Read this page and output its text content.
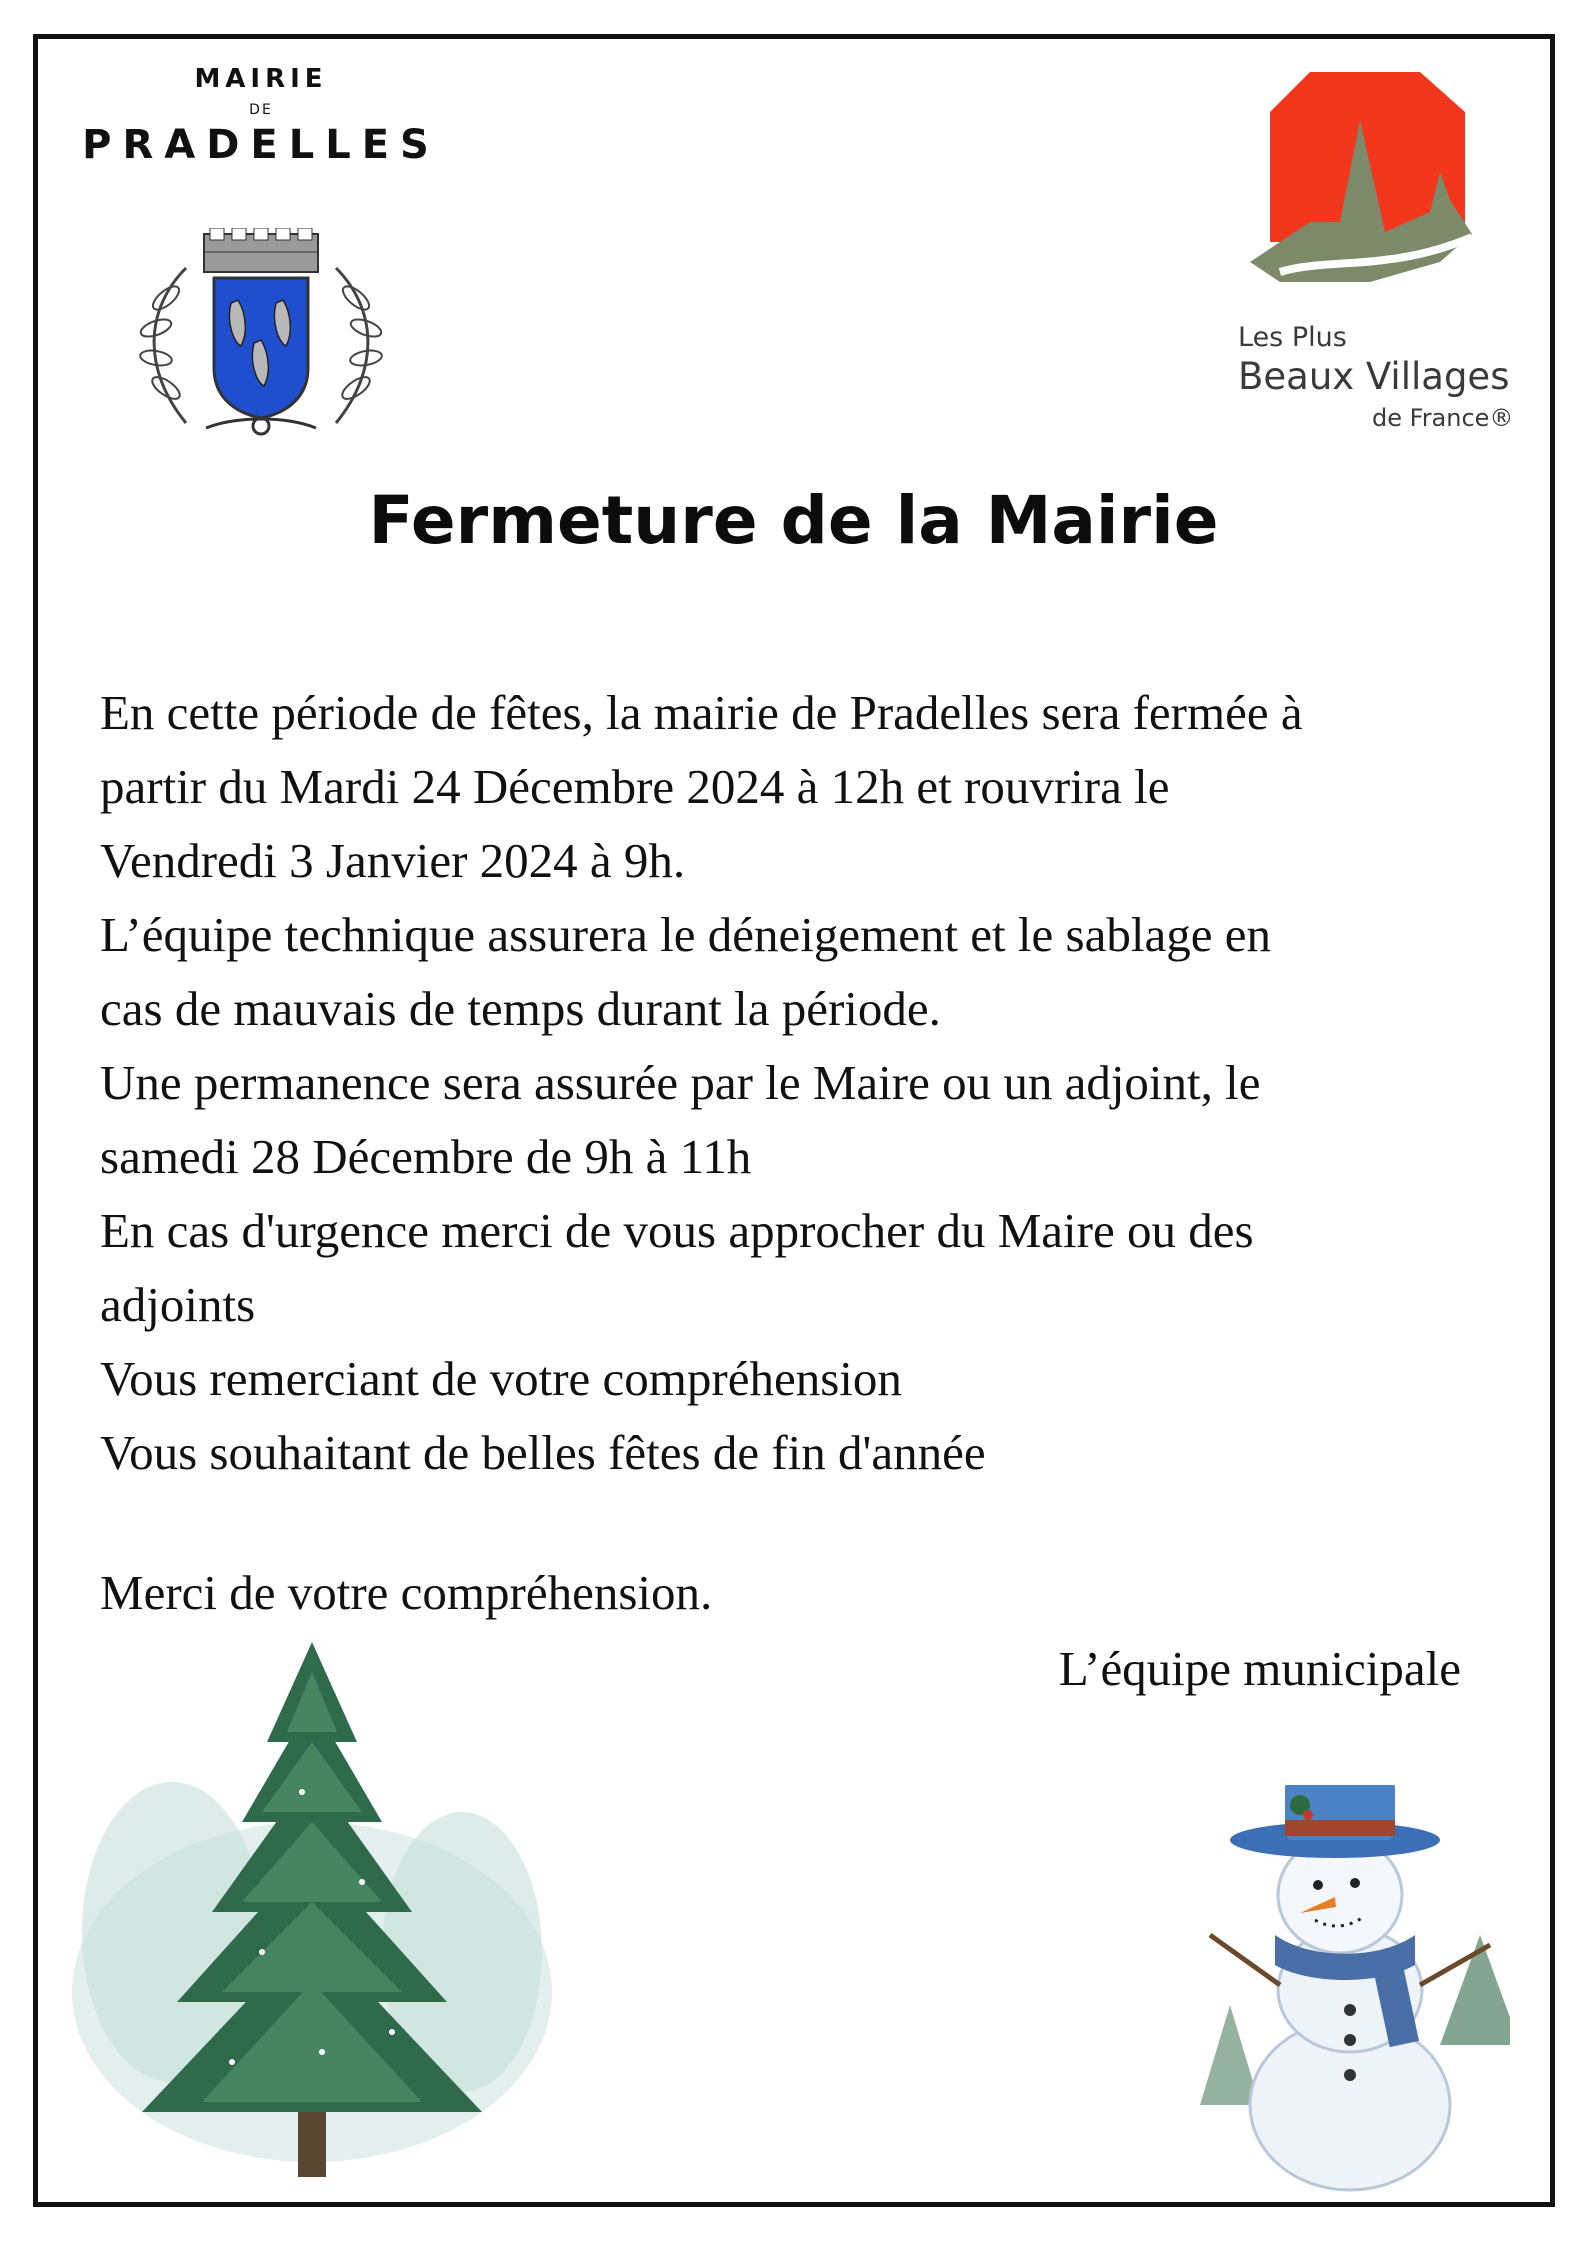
MAIRIE
DE
PRADELLES
Les Plus
Beaux Villages
de France®
Fermeture de la Mairie

En cette période de fêtes, la mairie de Pradelles sera fermée à

partir du Mardi 24 Décembre 2024 à 12h et rouvrira le

Vendredi 3 Janvier 2024 à 9h.

L’équipe technique assurera le déneigement et le sablage en

cas de mauvais de temps durant la période.

Une permanence sera assurée par le Maire ou un adjoint, le

samedi 28 Décembre de 9h à 11h

En cas d'urgence merci de vous approcher du Maire ou des

adjoints

Vous remerciant de votre compréhension

Vous souhaitant de belles fêtes de fin d'année

Merci de votre compréhension.
L’équipe municipale
